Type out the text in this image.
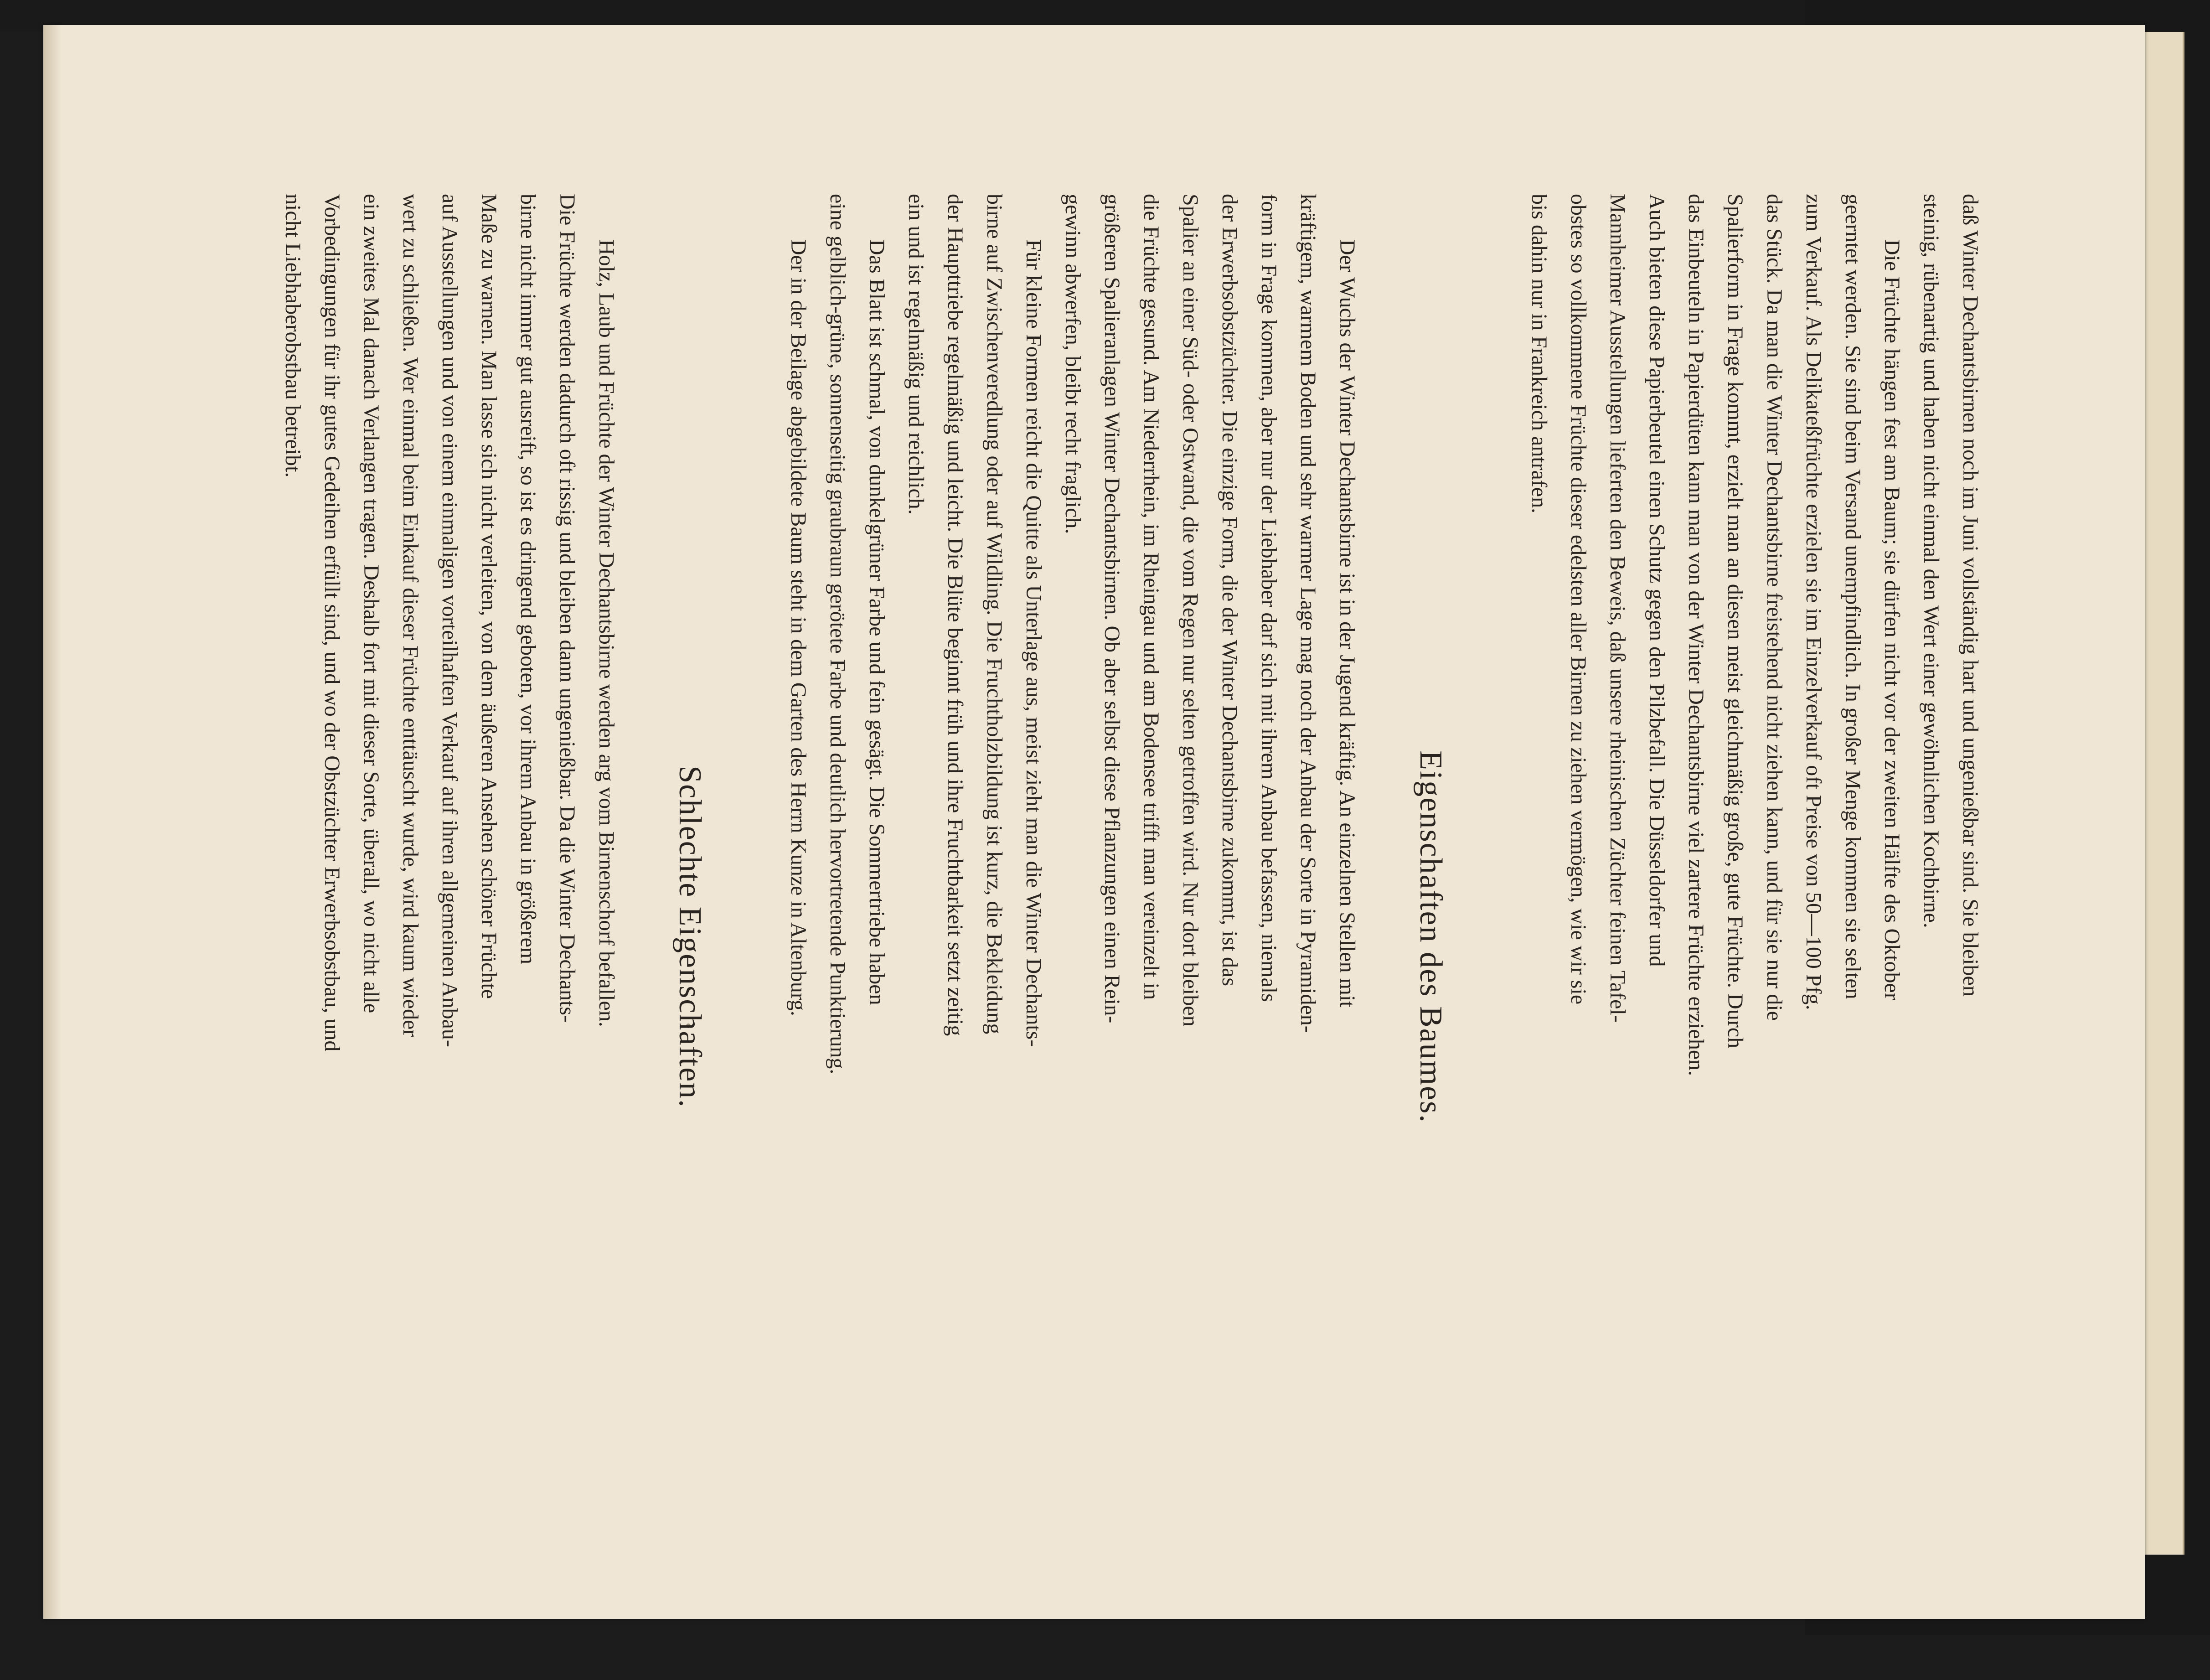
daß Winter Dechantsbirnen noch im Juni vollständig hart und ungenießbar sind. Sie bleiben
steinig, rübenartig und haben nicht einmal den Wert einer gewöhnlichen Kochbirne.

Die Früchte hängen fest am Baum; sie dürfen nicht vor der zweiten Hälfte des Oktober
geerntet werden. Sie sind beim Versand unempfindlich. In großer Menge kommen sie selten
zum Verkauf. Als Delikateßfrüchte erzielen sie im Einzelverkauf oft Preise von 50—100 Pfg.
das Stück. Da man die Winter Dechantsbirne freistehend nicht ziehen kann, und für sie nur die
Spalierform in Frage kommt, erzielt man an diesen meist gleichmäßig große, gute Früchte. Durch
das Einbeuteln in Papierdüten kann man von der Winter Dechantsbirne viel zartere Früchte erziehen.
Auch bieten diese Papierbeutel einen Schutz gegen den Pilzbefall. Die Düsseldorfer und
Mannheimer Ausstellungen lieferten den Beweis, daß unsere rheinischen Züchter feinen Tafel-
obstes so vollkommene Früchte dieser edelsten aller Birnen zu ziehen vermögen, wie wir sie
bis dahin nur in Frankreich antrafen.

Eigenschaften des Baumes.

Der Wuchs der Winter Dechantsbirne ist in der Jugend kräftig. An einzelnen Stellen mit
kräftigem, warmem Boden und sehr warmer Lage mag noch der Anbau der Sorte in Pyramiden-
form in Frage kommen, aber nur der Liebhaber darf sich mit ihrem Anbau befassen, niemals
der Erwerbsobstzüchter. Die einzige Form, die der Winter Dechantsbirne zukommt, ist das
Spalier an einer Süd- oder Ostwand, die vom Regen nur selten getroffen wird. Nur dort bleiben
die Früchte gesund. Am Niederrhein, im Rheingau und am Bodensee trifft man vereinzelt in
größeren Spalieranlagen Winter Dechantsbirnen. Ob aber selbst diese Pflanzungen einen Rein-
gewinn abwerfen, bleibt recht fraglich.

Für kleine Formen reicht die Quitte als Unterlage aus, meist zieht man die Winter Dechants-
birne auf Zwischenveredlung oder auf Wildling. Die Fruchtholzbildung ist kurz, die Bekleidung
der Haupttriebe regelmäßig und leicht. Die Blüte beginnt früh und ihre Fruchtbarkeit setzt zeitig
ein und ist regelmäßig und reichlich.

Das Blatt ist schmal, von dunkelgrüner Farbe und fein gesägt. Die Sommertriebe haben
eine gelblich-grüne, sonnenseitig graubraun gerötete Farbe und deutlich hervortretende Punktierung.

Der in der Beilage abgebildete Baum steht in dem Garten des Herrn Kunze in Altenburg.

Schlechte Eigenschaften.

Holz, Laub und Früchte der Winter Dechantsbirne werden arg vom Birnenschorf befallen.
Die Früchte werden dadurch oft rissig und bleiben dann ungenießbar. Da die Winter Dechants-
birne nicht immer gut ausreift, so ist es dringend geboten, vor ihrem Anbau in größerem
Maße zu warnen. Man lasse sich nicht verleiten, von dem äußeren Ansehen schöner Früchte
auf Ausstellungen und von einem einmaligen vorteilhaften Verkauf auf ihren allgemeinen Anbau-
wert zu schließen. Wer einmal beim Einkauf dieser Früchte enttäuscht wurde, wird kaum wieder
ein zweites Mal danach Verlangen tragen. Deshalb fort mit dieser Sorte, überall, wo nicht alle
Vorbedingungen für ihr gutes Gedeihen erfüllt sind, und wo der Obstzüchter Erwerbsobstbau, und
nicht Liebhaberobstbau betreibt.
